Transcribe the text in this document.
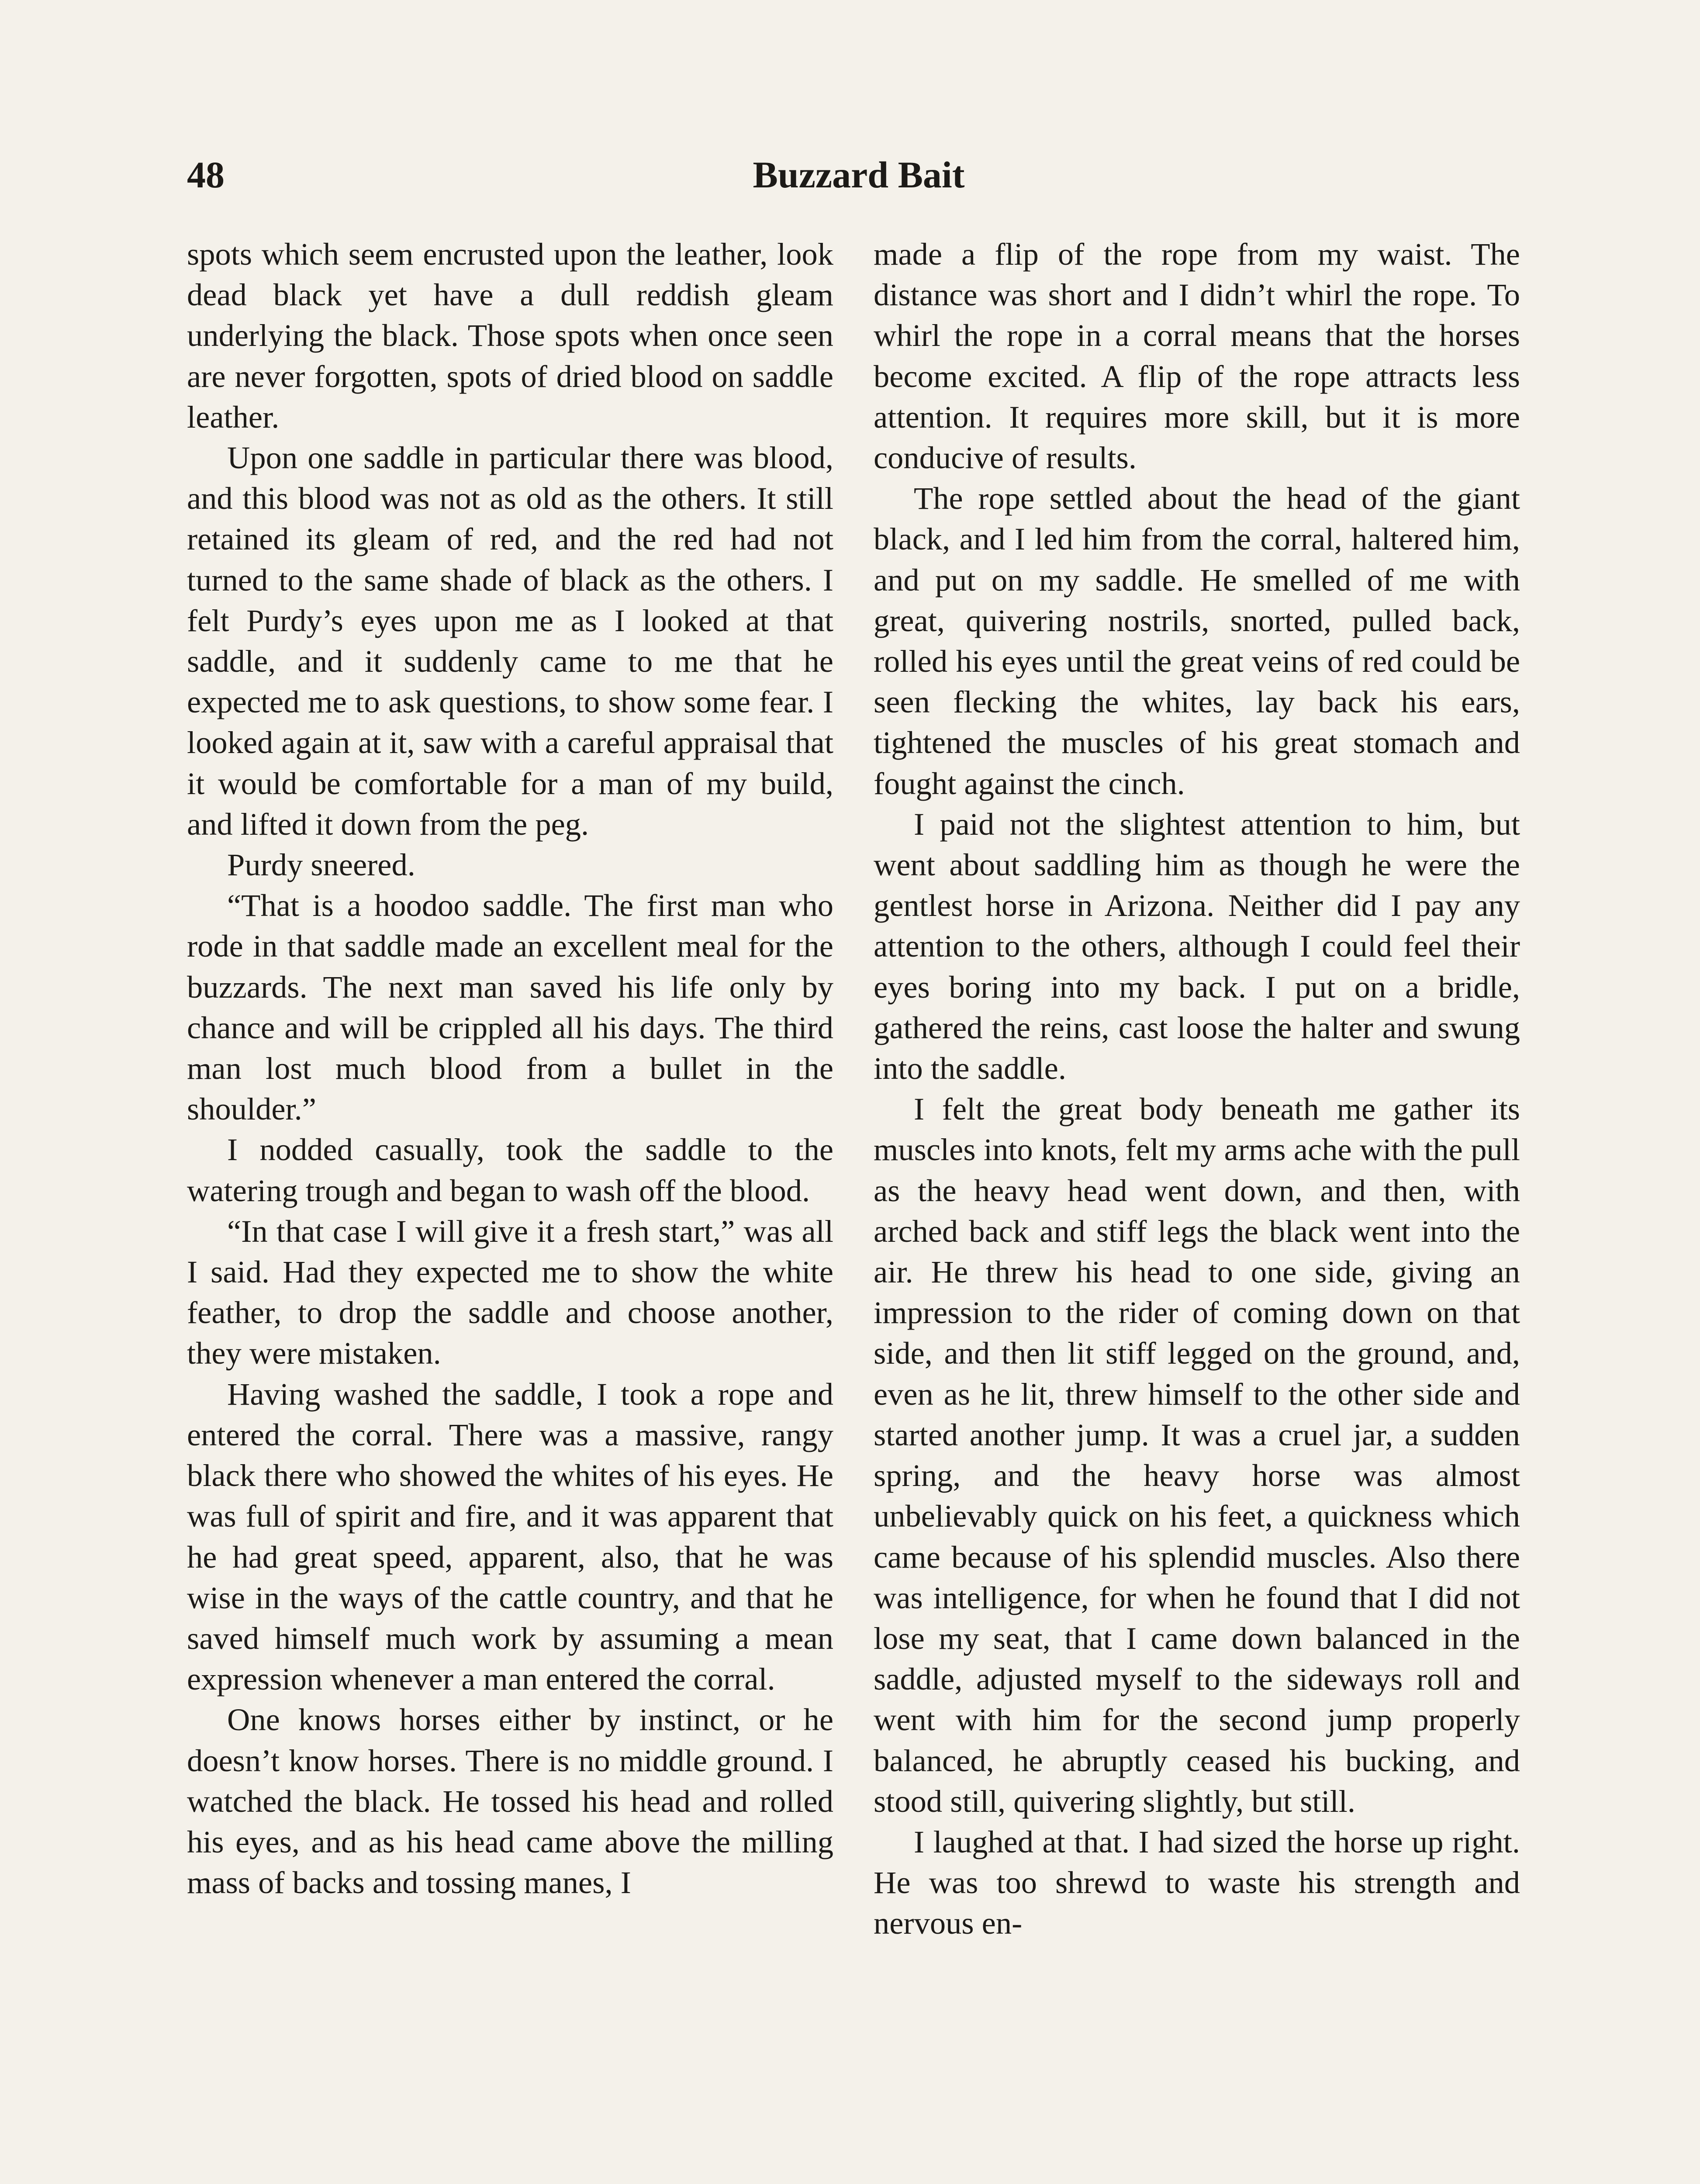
48	Buzzard Bait

spots which seem encrusted upon the leather, look dead black yet have a dull reddish gleam underlying the black. Those spots when once seen are never forgotten, spots of dried blood on saddle leather.

Upon one saddle in particular there was blood, and this blood was not as old as the others. It still retained its gleam of red, and the red had not turned to the same shade of black as the others. I felt Purdy’s eyes upon me as I looked at that saddle, and it suddenly came to me that he expected me to ask questions, to show some fear. I looked again at it, saw with a careful appraisal that it would be comfortable for a man of my build, and lifted it down from the peg.

Purdy sneered.

“That is a hoodoo saddle. The first man who rode in that saddle made an excellent meal for the buzzards. The next man saved his life only by chance and will be crippled all his days. The third man lost much blood from a bullet in the shoulder.”

I nodded casually, took the saddle to the watering trough and began to wash off the blood.

“In that case I will give it a fresh start,” was all I said. Had they expected me to show the white feather, to drop the saddle and choose another, they were mistaken.

Having washed the saddle, I took a rope and entered the corral. There was a massive, rangy black there who showed the whites of his eyes. He was full of spirit and fire, and it was apparent that he had great speed, apparent, also, that he was wise in the ways of the cattle country, and that he saved himself much work by assuming a mean expression whenever a man entered the corral.

One knows horses either by instinct, or he doesn’t know horses. There is no middle ground. I watched the black. He tossed his head and rolled his eyes, and as his head came above the milling mass of backs and tossing manes, I

made a flip of the rope from my waist. The distance was short and I didn’t whirl the rope. To whirl the rope in a corral means that the horses become excited. A flip of the rope attracts less attention. It requires more skill, but it is more conducive of results.

The rope settled about the head of the giant black, and I led him from the corral, haltered him, and put on my saddle. He smelled of me with great, quivering nostrils, snorted, pulled back, rolled his eyes until the great veins of red could be seen flecking the whites, lay back his ears, tightened the muscles of his great stomach and fought against the cinch.

I paid not the slightest attention to him, but went about saddling him as though he were the gentlest horse in Arizona. Neither did I pay any attention to the others, although I could feel their eyes boring into my back. I put on a bridle, gathered the reins, cast loose the halter and swung into the saddle.

I felt the great body beneath me gather its muscles into knots, felt my arms ache with the pull as the heavy head went down, and then, with arched back and stiff legs the black went into the air. He threw his head to one side, giving an impression to the rider of coming down on that side, and then lit stiff legged on the ground, and, even as he lit, threw himself to the other side and started another jump. It was a cruel jar, a sudden spring, and the heavy horse was almost unbelievably quick on his feet, a quickness which came because of his splendid muscles. Also there was intelligence, for when he found that I did not lose my seat, that I came down balanced in the saddle, adjusted myself to the sideways roll and went with him for the second jump properly balanced, he abruptly ceased his bucking, and stood still, quivering slightly, but still.

I laughed at that. I had sized the horse up right. He was too shrewd to waste his strength and nervous en-
